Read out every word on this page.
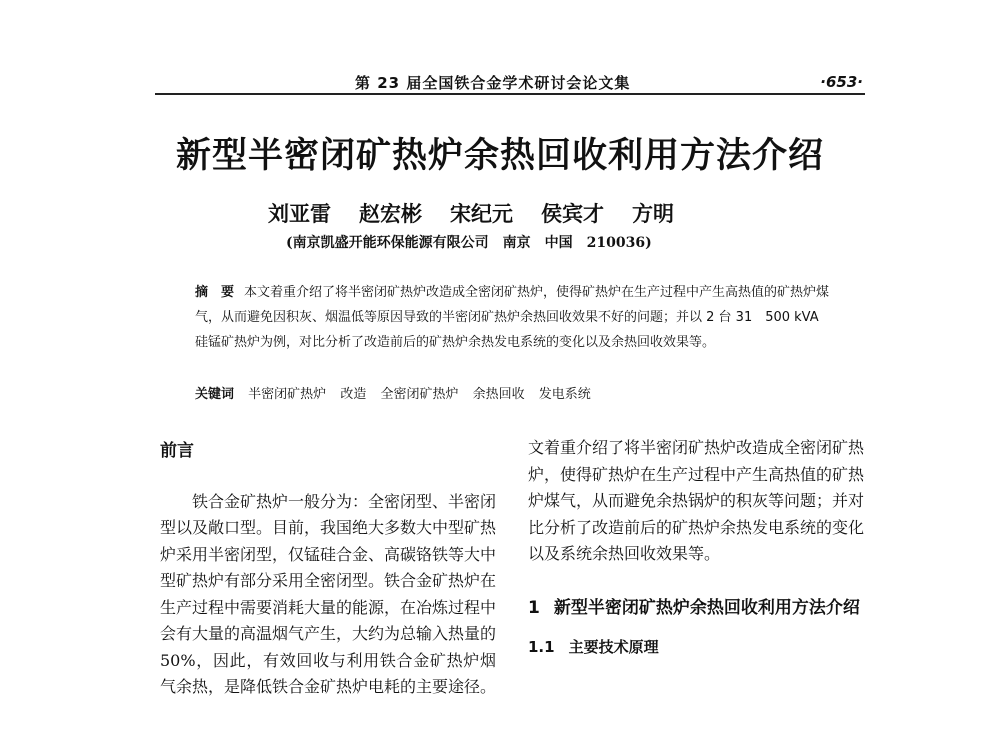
第 23 届全国铁合金学术研讨会论文集	·653·
新型半密闭矿热炉余热回收利用方法介绍
刘亚雷 赵宏彬 宋纪元 侯宾才 方明
(南京凯盛开能环保能源有限公司　南京　中国　210036)
摘　要 本文着重介绍了将半密闭矿热炉改造成全密闭矿热炉，使得矿热炉在生产过程中产生高热值的矿热炉煤气，从而避免因积灰、烟温低等原因导致的半密闭矿热炉余热回收效果不好的问题；并以 2 台 31　500 kVA 硅锰矿热炉为例，对比分析了改造前后的矿热炉余热发电系统的变化以及余热回收效果等。
关键词 半密闭矿热炉 改造 全密闭矿热炉 余热回收 发电系统
前言

铁合金矿热炉一般分为：全密闭型、半密闭型以及敞口型。目前，我国绝大多数大中型矿热炉采用半密闭型，仅锰硅合金、高碳铬铁等大中型矿热炉有部分采用全密闭型。铁合金矿热炉在生产过程中需要消耗大量的能源，在冶炼过程中会有大量的高温烟气产生，大约为总输入热量的 50%，因此，有效回收与利用铁合金矿热炉烟气余热，是降低铁合金矿热炉电耗的主要途径。

文着重介绍了将半密闭矿热炉改造成全密闭矿热炉，使得矿热炉在生产过程中产生高热值的矿热炉煤气，从而避免余热锅炉的积灰等问题；并对比分析了改造前后的矿热炉余热发电系统的变化以及系统余热回收效果等。

1 新型半密闭矿热炉余热回收利用方法介绍
1.1 主要技术原理
